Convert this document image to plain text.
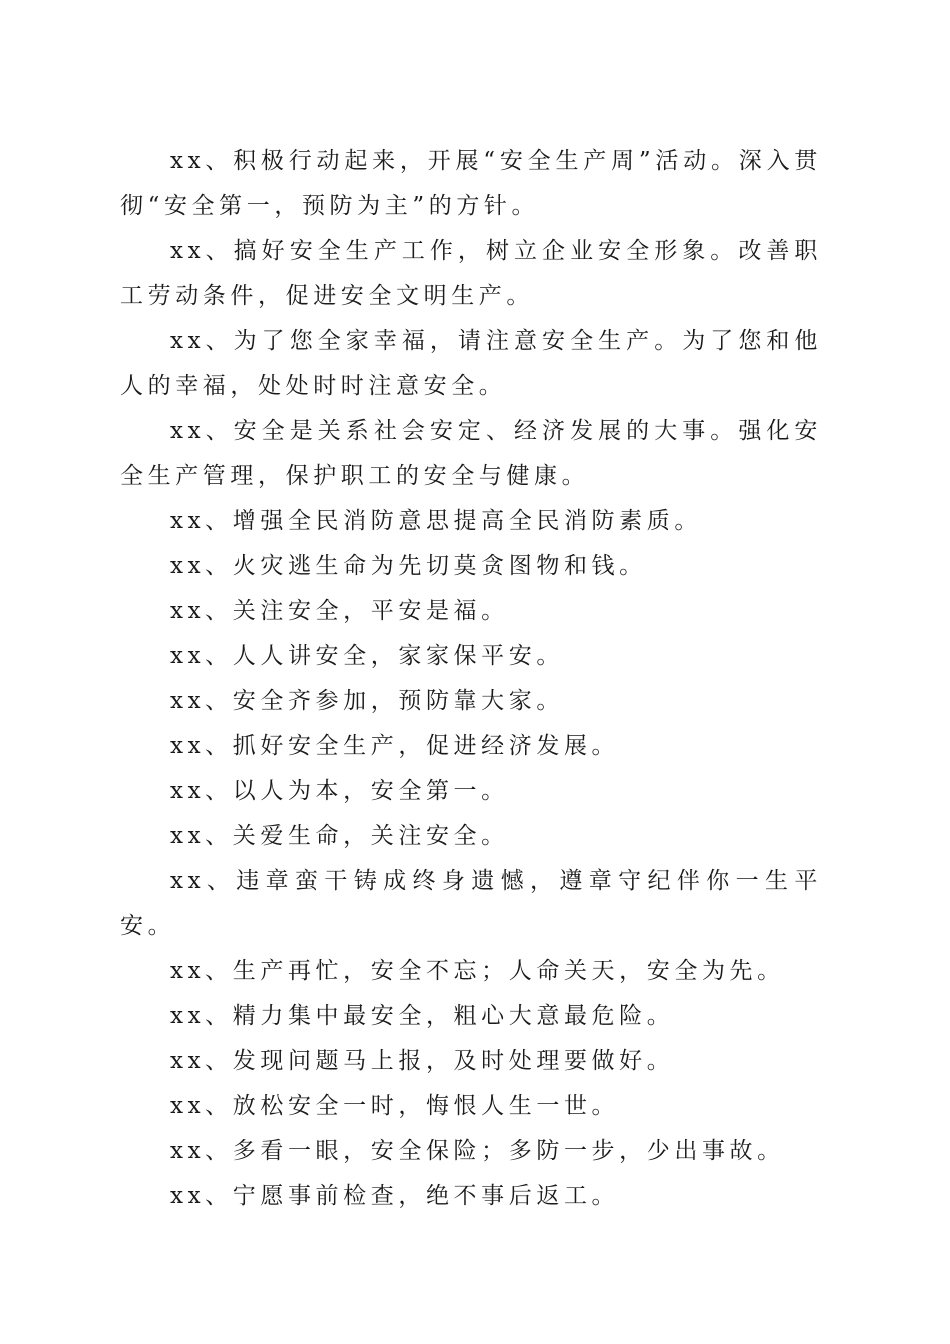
xx、积极行动起来，开展“安全生产周”活动。深入贯彻“安全第一，预防为主”的方针。

xx、搞好安全生产工作，树立企业安全形象。改善职工劳动条件，促进安全文明生产。

xx、为了您全家幸福，请注意安全生产。为了您和他人的幸福，处处时时注意安全。

xx、安全是关系社会安定、经济发展的大事。强化安全生产管理，保护职工的安全与健康。

xx、增强全民消防意思提高全民消防素质。

xx、火灾逃生命为先切莫贪图物和钱。

xx、关注安全，平安是福。

xx、人人讲安全，家家保平安。

xx、安全齐参加，预防靠大家。

xx、抓好安全生产，促进经济发展。

xx、以人为本，安全第一。

xx、关爱生命，关注安全。

xx、违章蛮干铸成终身遗憾，遵章守纪伴你一生平安。

xx、生产再忙，安全不忘；人命关天，安全为先。

xx、精力集中最安全，粗心大意最危险。

xx、发现问题马上报，及时处理要做好。

xx、放松安全一时，悔恨人生一世。

xx、多看一眼，安全保险；多防一步，少出事故。

xx、宁愿事前检查，绝不事后返工。
